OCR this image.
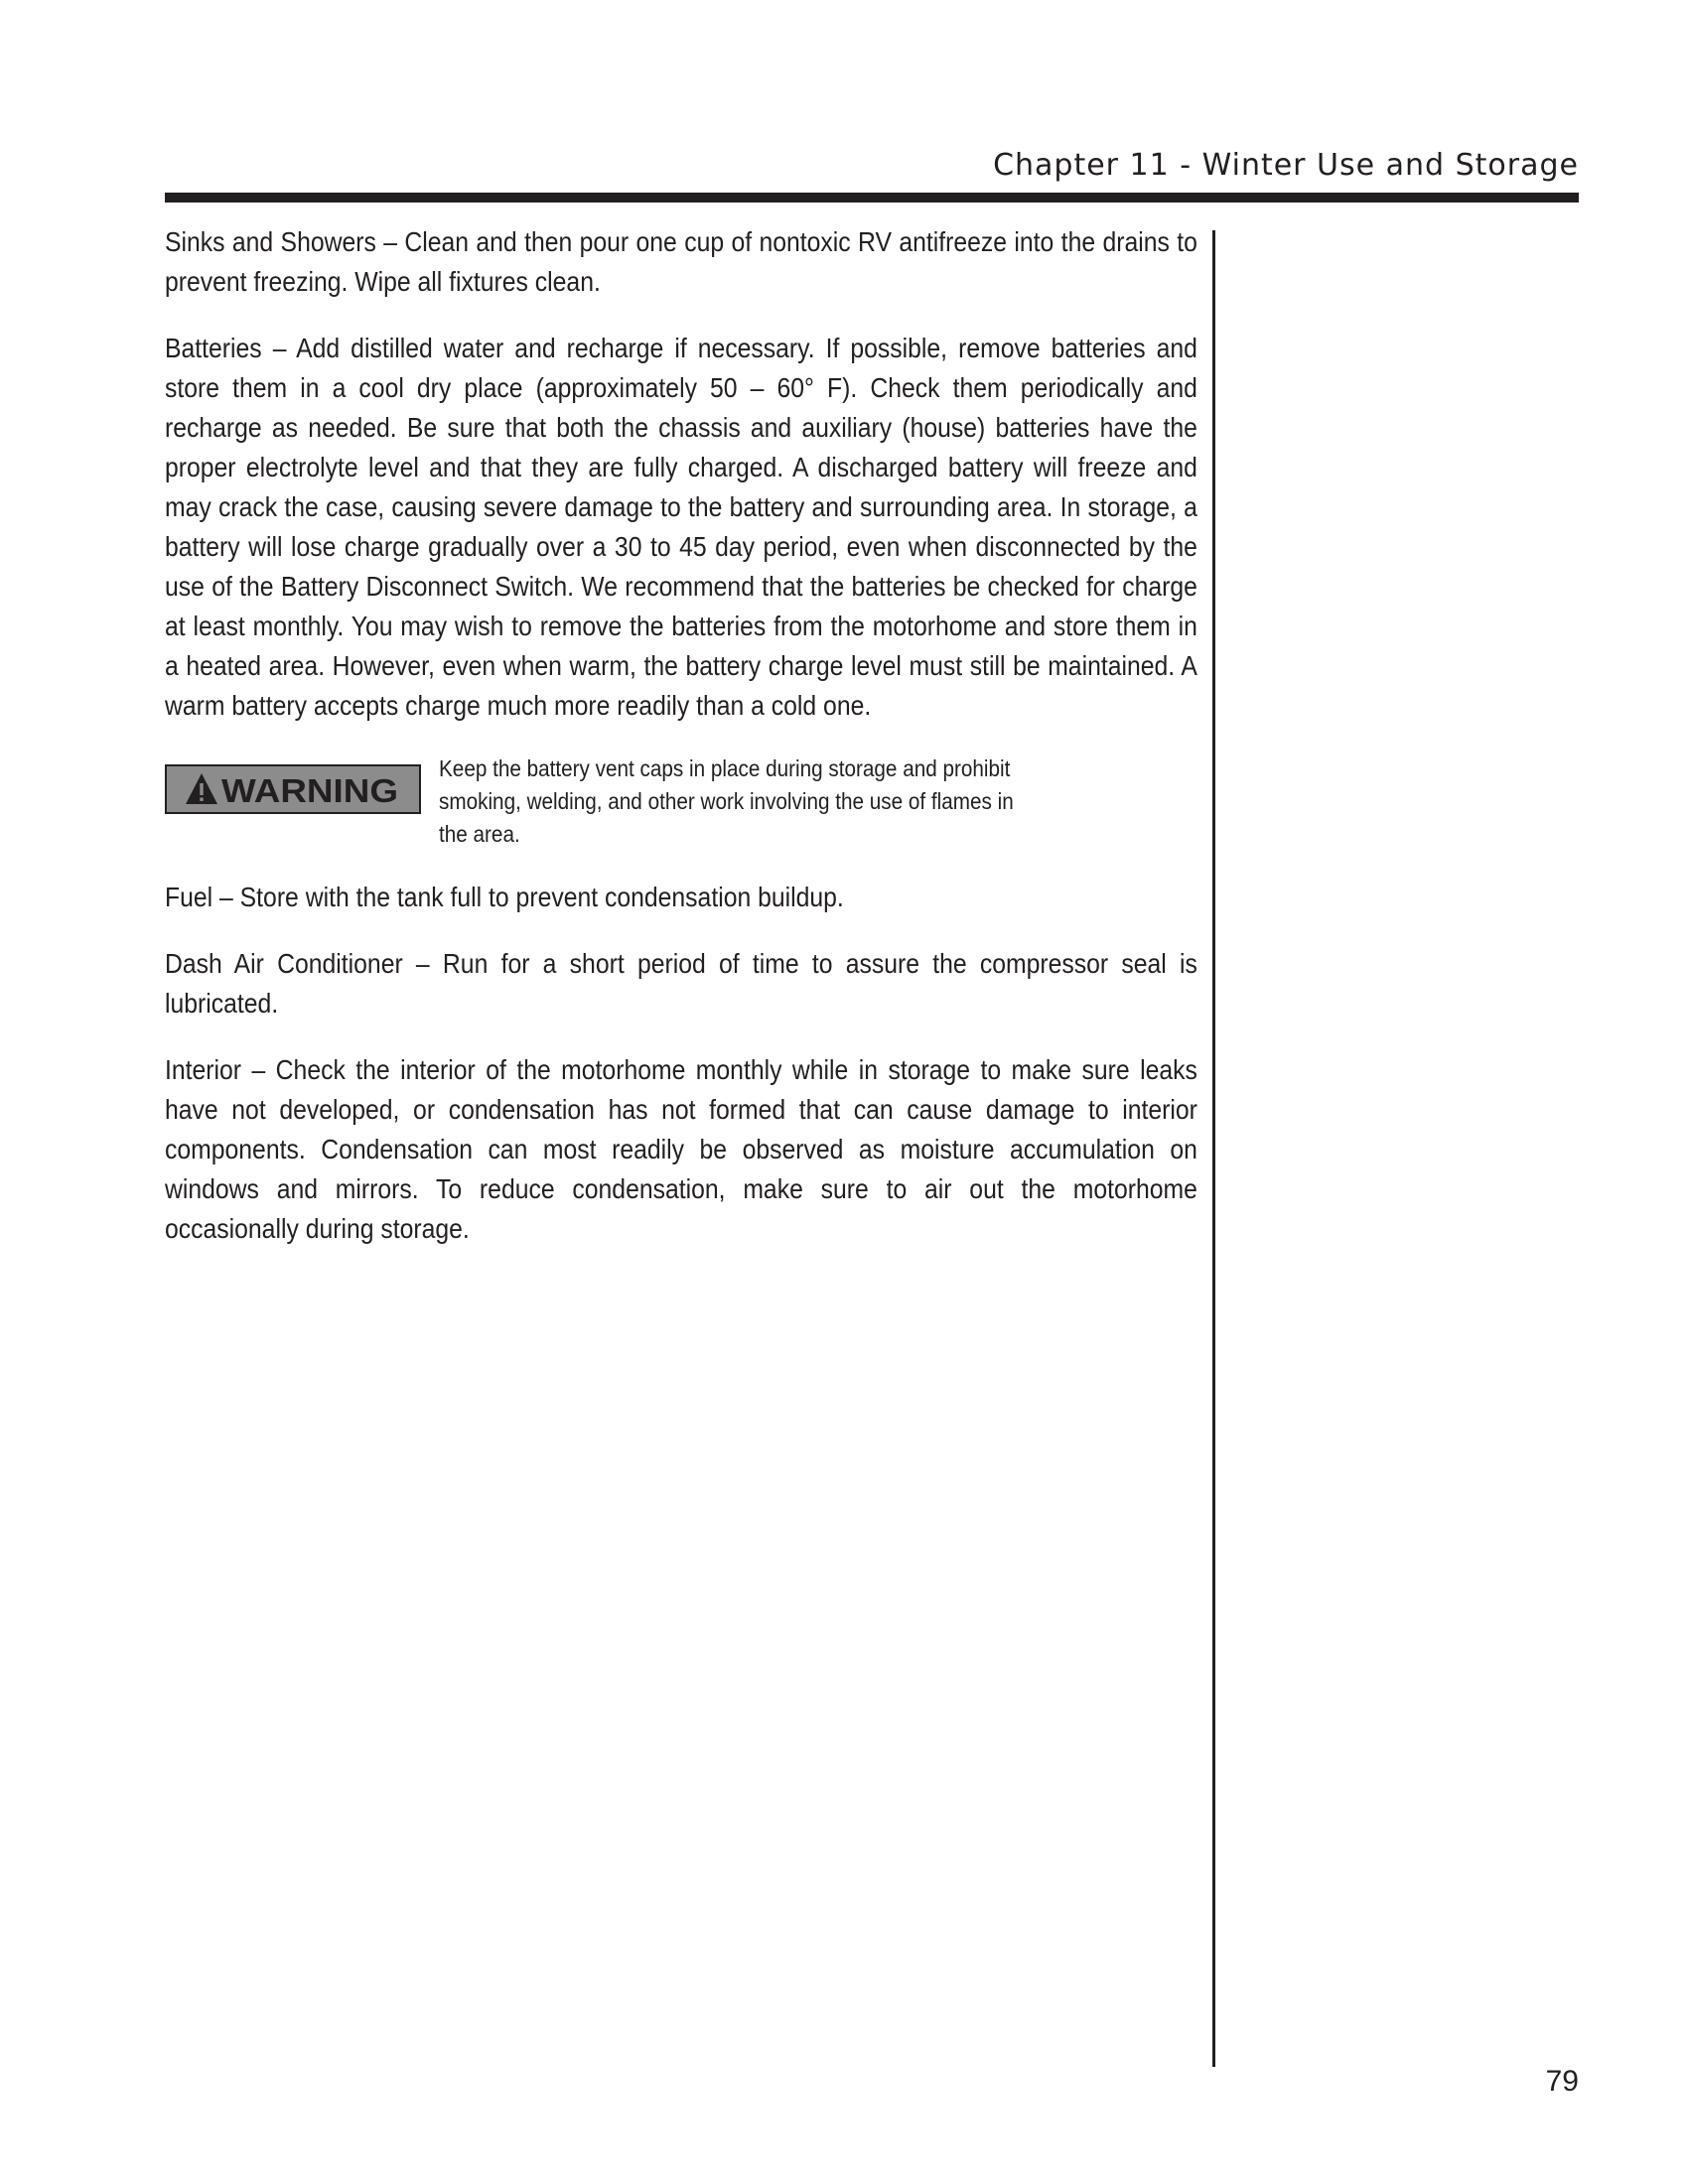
Chapter 11 - Winter Use and Storage

Sinks and Showers – Clean and then pour one cup of nontoxic RV antifreeze into the drains to prevent freezing. Wipe all fixtures clean.

Batteries – Add distilled water and recharge if necessary. If possible, remove batteries and store them in a cool dry place (approximately 50 – 60° F). Check them periodically and recharge as needed. Be sure that both the chassis and auxiliary (house) batteries have the proper electrolyte level and that they are fully charged. A discharged battery will freeze and may crack the case, causing severe damage to the battery and surrounding area. In storage, a battery will lose charge gradually over a 30 to 45 day period, even when disconnected by the use of the Battery Disconnect Switch. We recommend that the batteries be checked for charge at least monthly. You may wish to remove the batteries from the motorhome and store them in a heated area. However, even when warm, the battery charge level must still be maintained. A warm battery accepts charge much more readily than a cold one.

WARNING
Keep the battery vent caps in place during storage and prohibit smoking, welding, and other work involving the use of flames in the area.

Fuel – Store with the tank full to prevent condensation buildup.

Dash Air Conditioner – Run for a short period of time to assure the compressor seal is lubricated.

Interior – Check the interior of the motorhome monthly while in storage to make sure leaks have not developed, or condensation has not formed that can cause damage to interior components. Condensation can most readily be observed as moisture accumulation on windows and mirrors. To reduce condensation, make sure to air out the motorhome occasionally during storage.

79
